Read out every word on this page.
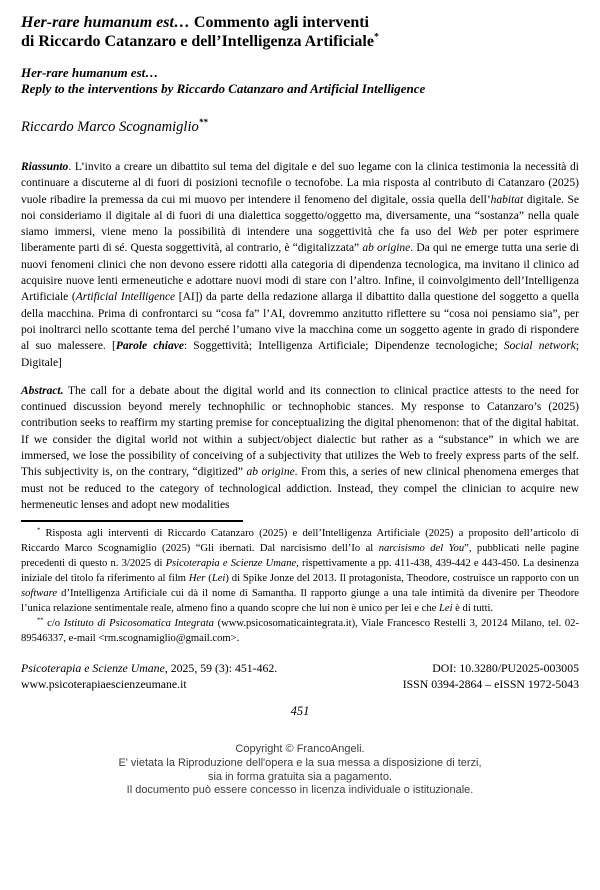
Her-rare humanum est… Commento agli interventi
di Riccardo Catanzaro e dell’Intelligenza Artificiale*
Her-rare humanum est…
Reply to the interventions by Riccardo Catanzaro and Artificial Intelligence
Riccardo Marco Scognamiglio**

Riassunto. L’invito a creare un dibattito sul tema del digitale e del suo legame con la clinica testimonia la necessità di continuare a discuterne al di fuori di posizioni tecnofile o tecnofobe. La mia risposta al contributo di Catanzaro (2025) vuole ribadire la premessa da cui mi muovo per intendere il fenomeno del digitale, ossia quella dell’habitat digitale. Se noi consideriamo il digitale al di fuori di una dialettica soggetto/oggetto ma, diversamente, una “sostanza” nella quale siamo immersi, viene meno la possibilità di intendere una soggettività che fa uso del Web per poter esprimere liberamente parti di sé. Questa soggettività, al contrario, è “digitalizzata” ab origine. Da qui ne emerge tutta una serie di nuovi fenomeni clinici che non devono essere ridotti alla categoria di dipendenza tecnologica, ma invitano il clinico ad acquisire nuove lenti ermeneutiche e adottare nuovi modi di stare con l’altro. Infine, il coinvolgimento dell’Intelligenza Artificiale (Artificial Intelligence [AI]) da parte della redazione allarga il dibattito dalla questione del soggetto a quella della macchina. Prima di confrontarci su “cosa fa” l’AI, dovremmo anzitutto riflettere su “cosa noi pensiamo sia”, per poi inoltrarci nello scottante tema del perché l’umano vive la macchina come un soggetto agente in grado di rispondere al suo malessere. [Parole chiave: Soggettività; Intelligenza Artificiale; Dipendenze tecnologiche; Social network; Digitale]

Abstract. The call for a debate about the digital world and its connection to clinical practice attests to the need for continued discussion beyond merely technophilic or technophobic stances. My response to Catanzaro’s (2025) contribution seeks to reaffirm my starting premise for conceptualizing the digital phenomenon: that of the digital habitat. If we consider the digital world not within a subject/object dialectic but rather as a “substance” in which we are immersed, we lose the possibility of conceiving of a subjectivity that utilizes the Web to freely express parts of the self. This subjectivity is, on the contrary, “digitized” ab origine. From this, a series of new clinical phenomena emerges that must not be reduced to the category of technological addiction. Instead, they compel the clinician to acquire new hermeneutic lenses and adopt new modalities

* Risposta agli interventi di Riccardo Catanzaro (2025) e dell’Intelligenza Artificiale (2025) a proposito dell’articolo di Riccardo Marco Scognamiglio (2025) “Gli ibernati. Dal narcisismo dell’Io al narcisismo del You”, pubblicati nelle pagine precedenti di questo n. 3/2025 di Psicoterapia e Scienze Umane, rispettivamente a pp. 411-438, 439-442 e 443-450. La desinenza iniziale del titolo fa riferimento al film Her (Lei) di Spike Jonze del 2013. Il protagonista, Theodore, costruisce un rapporto con un software d’Intelligenza Artificiale cui dà il nome di Samantha. Il rapporto giunge a una tale intimità da divenire per Theodore l’unica relazione sentimentale reale, almeno fino a quando scopre che lui non è unico per lei e che Lei è di tutti.

** c/o Istituto di Psicosomatica Integrata (www.psicosomaticaintegrata.it), Viale Francesco Restelli 3, 20124 Milano, tel. 02-89546337, e-mail <rm.scognamiglio@gmail.com>.

Psicoterapia e Scienze Umane, 2025, 59 (3): 451-462.	DOI: 10.3280/PU2025-003005
www.psicoterapiaescienzeumane.it	ISSN 0394-2864 – eISSN 1972-5043
451
Copyright © FrancoAngeli.
E' vietata la Riproduzione dell'opera e la sua messa a disposizione di terzi,
sia in forma gratuita sia a pagamento.
Il documento può essere concesso in licenza individuale o istituzionale.
